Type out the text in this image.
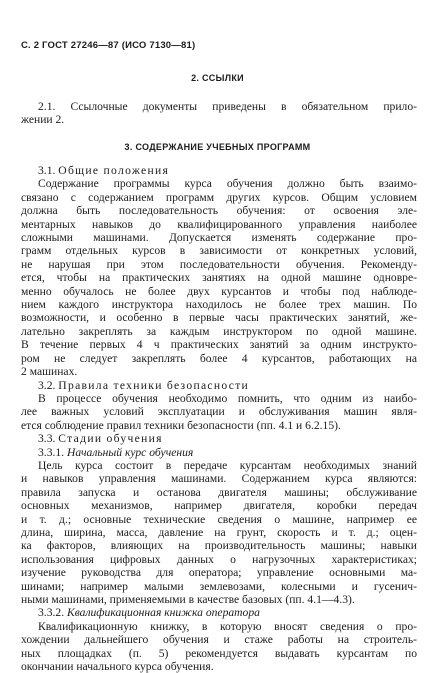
С. 2 ГОСТ 27246—87 (ИСО 7130—81)
2. ССЫЛКИ
2.1. Ссылочные документы приведены в обязательном прило-
жении 2.
3. СОДЕРЖАНИЕ УЧЕБНЫХ ПРОГРАММ
3.1. Общие положения
Содержание программы курса обучения должно быть взаимо-
связано с содержанием программ других курсов. Общим условием
должна быть последовательность обучения: от освоения эле-
ментарных навыков до квалифицированного управления наиболее
сложными машинами. Допускается изменять содержание про-
грамм отдельных курсов в зависимости от конкретных условий,
не нарушая при этом последовательности обучения. Рекоменду-
ется, чтобы на практических занятиях на одной машине одновре-
менно обучалось не более двух курсантов и чтобы под наблюде-
нием каждого инструктора находилось не более трех машин. По
возможности, и особенно в первые часы практических занятий, же-
лательно закреплять за каждым инструктором по одной машине.
В течение первых 4 ч практических занятий за одним инструкто-
ром не следует закреплять более 4 курсантов, работающих на
2 машинах.
3.2. Правила техники безопасности
В процессе обучения необходимо помнить, что одним из наибо-
лее важных условий эксплуатации и обслуживания машин явля-
ется соблюдение правил техники безопасности (пп. 4.1 и 6.2.15).
3.3. Стадии обучения
3.3.1. Начальный курс обучения
Цель курса состоит в передаче курсантам необходимых знаний
и навыков управления машинами. Содержанием курса являются:
правила запуска и останова двигателя машины; обслуживание
основных механизмов, например двигателя, коробки передач
и т. д.; основные технические сведения о машине, например ее
длина, ширина, масса, давление на грунт, скорость и т. д.; оцен-
ка факторов, влияющих на производительность машины; навыки
использования цифровых данных о нагрузочных характеристиках;
изучение руководства для оператора; управление основными ма-
шинами; например малыми землевозами, колесными и гусенич-
ными машинами, применяемыми в качестве базовых (пп. 4.1—4.3).
3.3.2. Квалификационная книжка оператора
Квалификационную книжку, в которую вносят сведения о про-
хождении дальнейшего обучения и стаже работы на строитель-
ных площадках (п. 5) рекомендуется выдавать курсантам по
окончании начального курса обучения.
